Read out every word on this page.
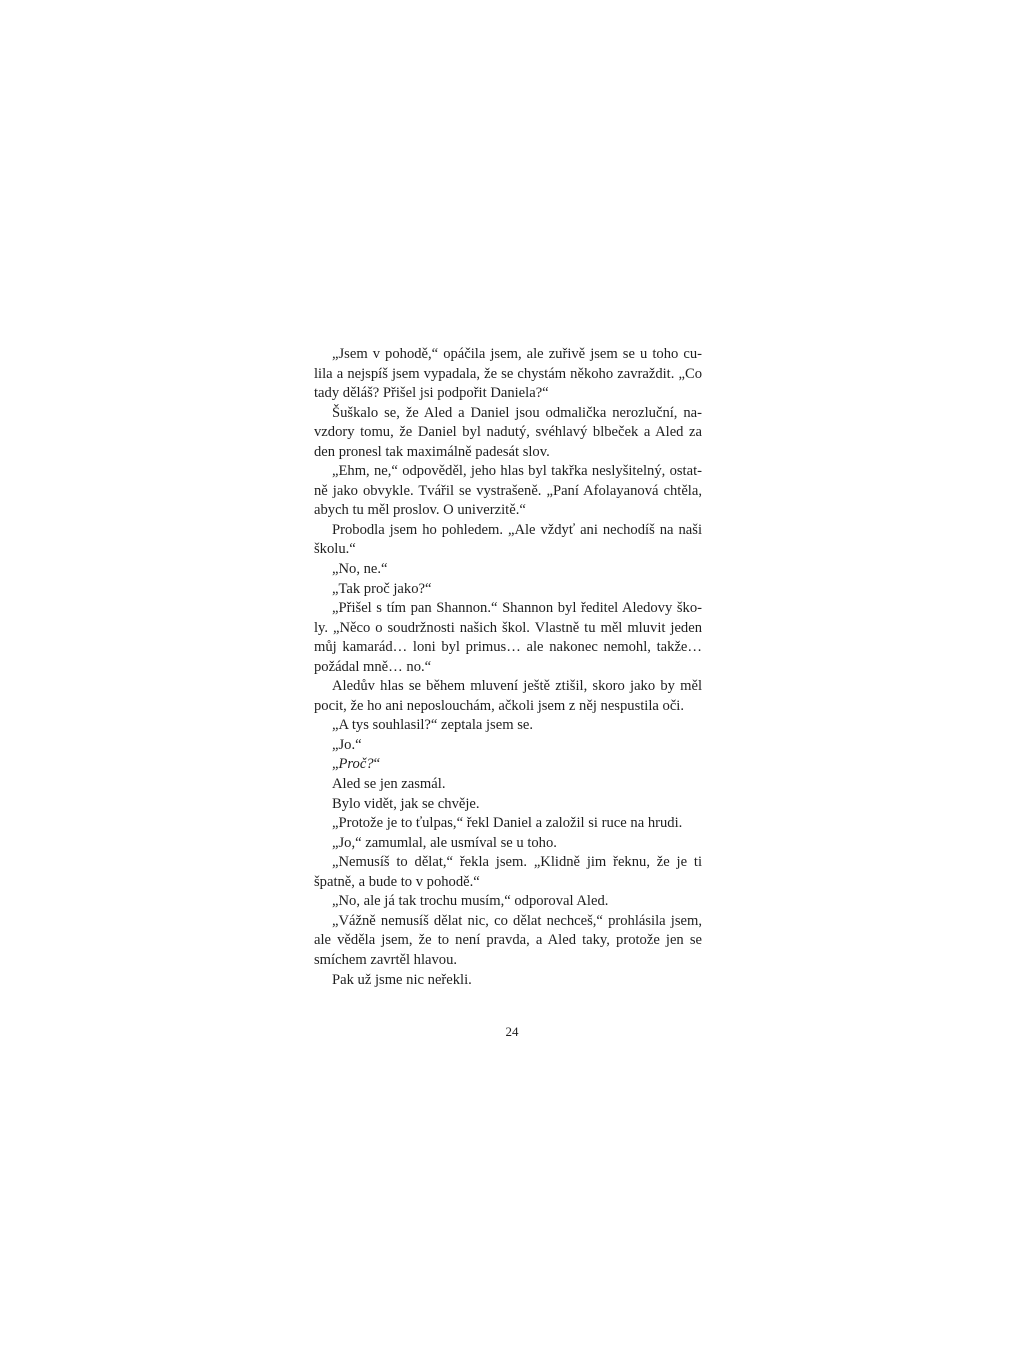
„Jsem v pohodě,“ opáčila jsem, ale zuřivě jsem se u toho cu-
lila a nejspíš jsem vypadala, že se chystám někoho zavraždit. „Co
tady děláš? Přišel jsi podpořit Daniela?“
Šuškalo se, že Aled a Daniel jsou odmalička nerozluční, na-
vzdory tomu, že Daniel byl nadutý, svéhlavý blbeček a Aled za
den pronesl tak maximálně padesát slov.
„Ehm, ne,“ odpověděl, jeho hlas byl takřka neslyšitelný, ostat-
ně jako obvykle. Tvářil se vystrašeně. „Paní Afolayanová chtěla,
abych tu měl proslov. O univerzitě.“
Probodla jsem ho pohledem. „Ale vždyť ani nechodíš na naši
školu.“
„No, ne.“
„Tak proč jako?“
„Přišel s tím pan Shannon.“ Shannon byl ředitel Aledovy ško-
ly. „Něco o soudržnosti našich škol. Vlastně tu měl mluvit jeden
můj kamarád… loni byl primus… ale nakonec nemohl, takže…
požádal mně… no.“
Aledův hlas se během mluvení ještě ztišil, skoro jako by měl
pocit, že ho ani neposlouchám, ačkoli jsem z něj nespustila oči.
„A tys souhlasil?“ zeptala jsem se.
„Jo.“
„Proč?“
Aled se jen zasmál.
Bylo vidět, jak se chvěje.
„Protože je to ťulpas,“ řekl Daniel a založil si ruce na hrudi.
„Jo,“ zamumlal, ale usmíval se u toho.
„Nemusíš to dělat,“ řekla jsem. „Klidně jim řeknu, že je ti
špatně, a bude to v pohodě.“
„No, ale já tak trochu musím,“ odporoval Aled.
„Vážně nemusíš dělat nic, co dělat nechceš,“ prohlásila jsem,
ale věděla jsem, že to není pravda, a Aled taky, protože jen se
smíchem zavrtěl hlavou.
Pak už jsme nic neřekli.
24
